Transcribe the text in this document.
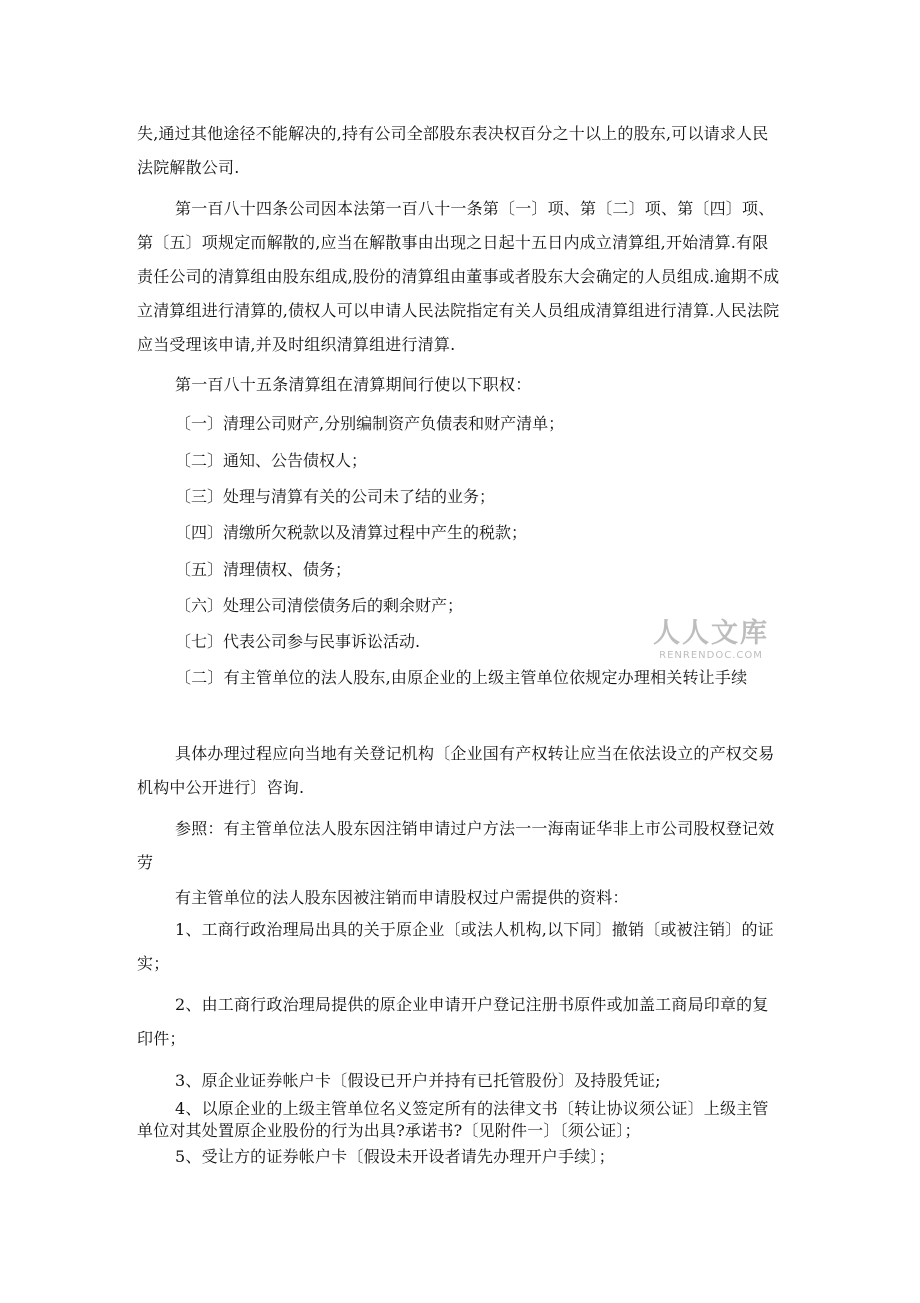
失,通过其他途径不能解决的,持有公司全部股东表决权百分之十以上的股东,可以请求人民法院解散公司.
第一百八十四条公司因本法第一百八十一条第〔一〕项、第〔二〕项、第〔四〕项、第〔五〕项规定而解散的,应当在解散事由出现之日起十五日内成立清算组,开始清算.有限责任公司的清算组由股东组成,股份的清算组由董事或者股东大会确定的人员组成.逾期不成立清算组进行清算的,债权人可以申请人民法院指定有关人员组成清算组进行清算.人民法院应当受理该申请,并及时组织清算组进行清算.
第一百八十五条清算组在清算期间行使以下职权：
〔一〕清理公司财产,分别编制资产负债表和财产清单；
〔二〕通知、公告债权人；
〔三〕处理与清算有关的公司未了结的业务；
〔四〕清缴所欠税款以及清算过程中产生的税款；
〔五〕清理债权、债务；
〔六〕处理公司清偿债务后的剩余财产；
〔七〕代表公司参与民事诉讼活动.
〔二〕有主管单位的法人股东,由原企业的上级主管单位依规定办理相关转让手续
具体办理过程应向当地有关登记机构〔企业国有产权转让应当在依法设立的产权交易机构中公开进行〕咨询.
参照：有主管单位法人股东因注销申请过户方法一一海南证华非上市公司股权登记效劳
有主管单位的法人股东因被注销而申请股权过户需提供的资料：
1、工商行政治理局出具的关于原企业〔或法人机构,以下同〕撤销〔或被注销〕的证实；
2、由工商行政治理局提供的原企业申请开户登记注册书原件或加盖工商局印章的复印件；
3、原企业证券帐户卡〔假设已开户并持有已托管股份〕及持股凭证;
4、以原企业的上级主管单位名义签定所有的法律文书〔转让协议须公证〕上级主管单位对其处置原企业股份的行为出具?承诺书?〔见附件一〕〔须公证〕；
5、受让方的证券帐户卡〔假设未开设者请先办理开户手续〕；
人人文库
RENRENDOC.COM
